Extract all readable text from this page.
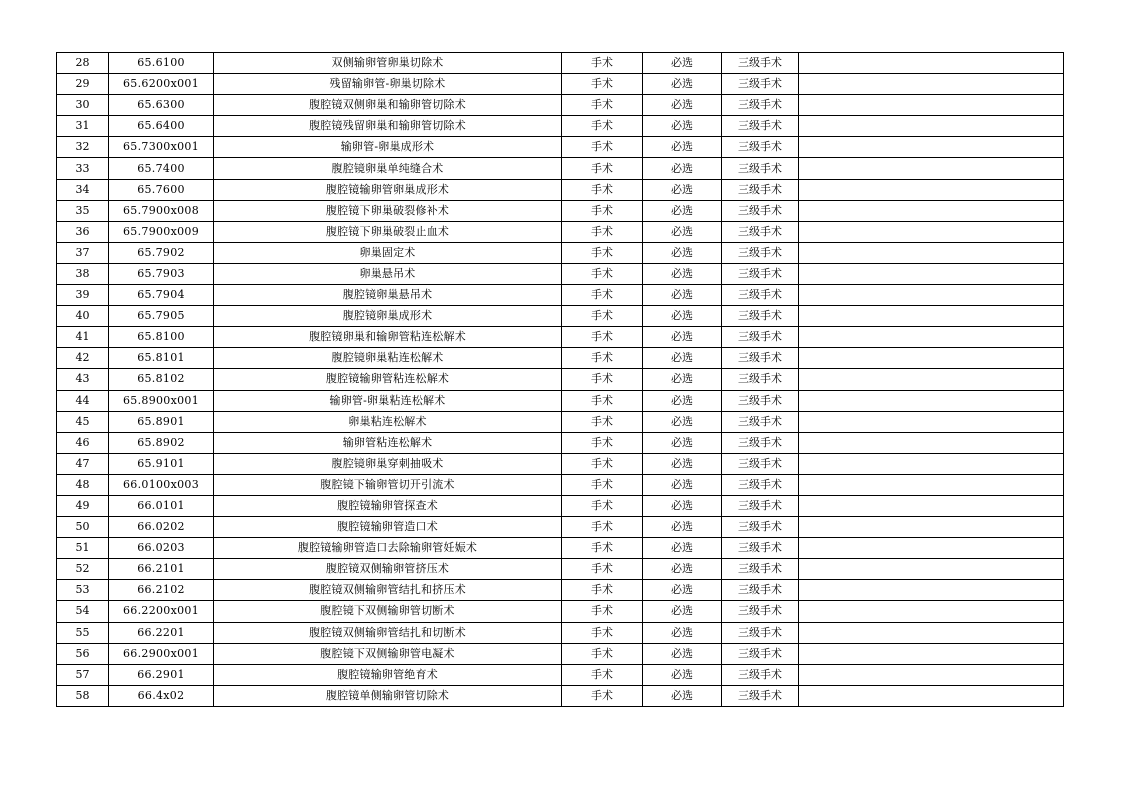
28	65.6100	双侧输卵管卵巢切除术	手术	必选	三级手术	
29	65.6200x001	残留输卵管-卵巢切除术	手术	必选	三级手术	
30	65.6300	腹腔镜双侧卵巢和输卵管切除术	手术	必选	三级手术	
31	65.6400	腹腔镜残留卵巢和输卵管切除术	手术	必选	三级手术	
32	65.7300x001	输卵管-卵巢成形术	手术	必选	三级手术	
33	65.7400	腹腔镜卵巢单纯缝合术	手术	必选	三级手术	
34	65.7600	腹腔镜输卵管卵巢成形术	手术	必选	三级手术	
35	65.7900x008	腹腔镜下卵巢破裂修补术	手术	必选	三级手术	
36	65.7900x009	腹腔镜下卵巢破裂止血术	手术	必选	三级手术	
37	65.7902	卵巢固定术	手术	必选	三级手术	
38	65.7903	卵巢悬吊术	手术	必选	三级手术	
39	65.7904	腹腔镜卵巢悬吊术	手术	必选	三级手术	
40	65.7905	腹腔镜卵巢成形术	手术	必选	三级手术	
41	65.8100	腹腔镜卵巢和输卵管粘连松解术	手术	必选	三级手术	
42	65.8101	腹腔镜卵巢粘连松解术	手术	必选	三级手术	
43	65.8102	腹腔镜输卵管粘连松解术	手术	必选	三级手术	
44	65.8900x001	输卵管-卵巢粘连松解术	手术	必选	三级手术	
45	65.8901	卵巢粘连松解术	手术	必选	三级手术	
46	65.8902	输卵管粘连松解术	手术	必选	三级手术	
47	65.9101	腹腔镜卵巢穿刺抽吸术	手术	必选	三级手术	
48	66.0100x003	腹腔镜下输卵管切开引流术	手术	必选	三级手术	
49	66.0101	腹腔镜输卵管探查术	手术	必选	三级手术	
50	66.0202	腹腔镜输卵管造口术	手术	必选	三级手术	
51	66.0203	腹腔镜输卵管造口去除输卵管妊娠术	手术	必选	三级手术	
52	66.2101	腹腔镜双侧输卵管挤压术	手术	必选	三级手术	
53	66.2102	腹腔镜双侧输卵管结扎和挤压术	手术	必选	三级手术	
54	66.2200x001	腹腔镜下双侧输卵管切断术	手术	必选	三级手术	
55	66.2201	腹腔镜双侧输卵管结扎和切断术	手术	必选	三级手术	
56	66.2900x001	腹腔镜下双侧输卵管电凝术	手术	必选	三级手术	
57	66.2901	腹腔镜输卵管绝育术	手术	必选	三级手术	
58	66.4x02	腹腔镜单侧输卵管切除术	手术	必选	三级手术	
